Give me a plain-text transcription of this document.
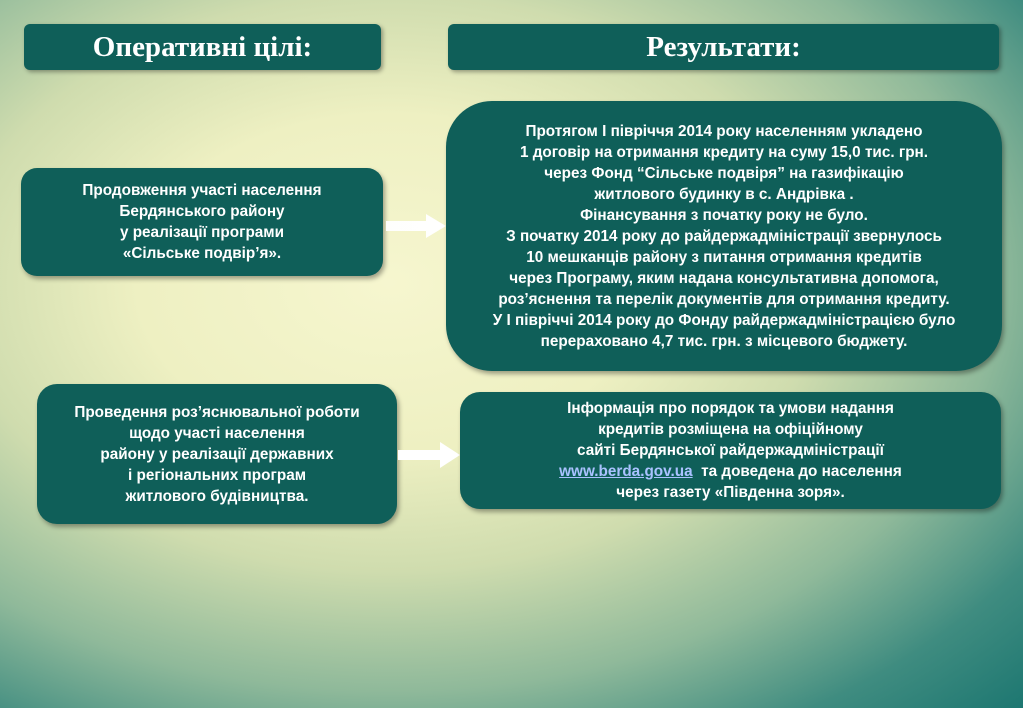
Оперативні цілі:	Результати:
Продовження участі населення
Бердянського району
у реалізації програми
«Сільське подвір’я».
Проведення роз’яснювальної роботи
щодо участі населення
району у реалізації державних
і регіональних програм
житлового будівництва.
Протягом І півріччя 2014 року населенням укладено
1 договір на отримання кредиту на суму 15,0 тис. грн.
через Фонд “Сільське подвіря” на газифікацію
житлового будинку в с. Андрівка .
Фінансування з початку року не було.
З початку 2014 року до райдержадміністрації звернулось
10 мешканців району з питання отримання кредитів
через Програму, яким надана консультативна допомога,
роз’яснення та перелік документів для отримання кредиту.
У І півріччі 2014 року до Фонду райдержадміністрацією було
перераховано 4,7 тис. грн. з місцевого бюджету.
Інформація про порядок та умови надання
кредитів розміщена на офіційному
сайті Бердянської райдержадміністрації
www.berda.gov.ua  та доведена до населення
через газету «Південна зоря».
